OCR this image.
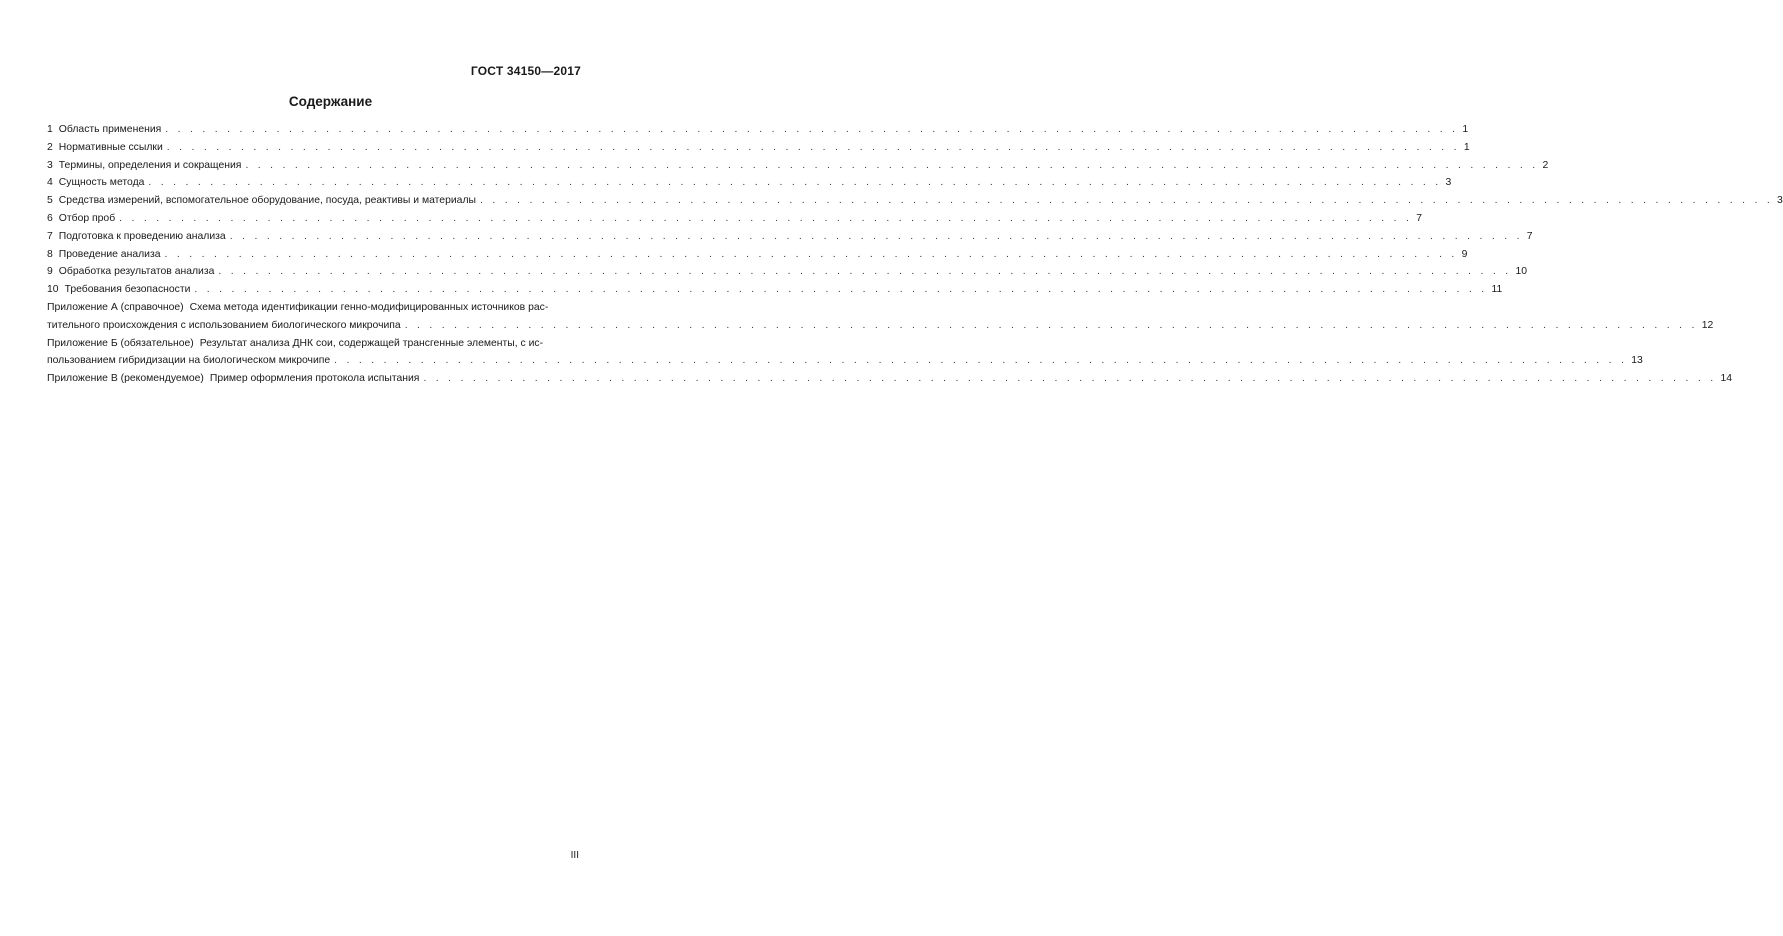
ГОСТ 34150—2017
Содержание
1 Область применения . . . . . . . . . . . . . . . . . . . . . . . . . . . . . . . . . . . . . . . . . . . . . . . . . . . . . . . . . . . . . . . . . . . . . . . . . . . . . . . . . . . . . . . . . . . . . . . . . . . . . . . . . 1
2 Нормативные ссылки . . . . . . . . . . . . . . . . . . . . . . . . . . . . . . . . . . . . . . . . . . . . . . . . . . . . . . . . . . . . . . . . . . . . . . . . . . . . . . . . . . . . . . . . . . . . . . . . . . . . . . . . . 1
3 Термины, определения и сокращения . . . . . . . . . . . . . . . . . . . . . . . . . . . . . . . . . . . . . . . . . . . . . . . . . . . . . . . . . . . . . . . . . . . . . . . . . . . . . . . . . . . . . . . . . . . . . . . . . . . . . . . . . 2
4 Сущность метода . . . . . . . . . . . . . . . . . . . . . . . . . . . . . . . . . . . . . . . . . . . . . . . . . . . . . . . . . . . . . . . . . . . . . . . . . . . . . . . . . . . . . . . . . . . . . . . . . . . . . . . . . 3
5 Средства измерений, вспомогательное оборудование, посуда, реактивы и материалы . . . . . . . . . . . . . . . . . . . . . . . . . . . . . . . . . . . . . . . . . . . . . . . . . . . . . . . . . . . . . . . . . . . . . . . . . . . . . . . . . . . . . . . . . . . . . . . . . . . . . . . . . 3
6 Отбор проб . . . . . . . . . . . . . . . . . . . . . . . . . . . . . . . . . . . . . . . . . . . . . . . . . . . . . . . . . . . . . . . . . . . . . . . . . . . . . . . . . . . . . . . . . . . . . . . . . . . . . . . . . 7
7 Подготовка к проведению анализа . . . . . . . . . . . . . . . . . . . . . . . . . . . . . . . . . . . . . . . . . . . . . . . . . . . . . . . . . . . . . . . . . . . . . . . . . . . . . . . . . . . . . . . . . . . . . . . . . . . . . . . . . 7
8 Проведение анализа . . . . . . . . . . . . . . . . . . . . . . . . . . . . . . . . . . . . . . . . . . . . . . . . . . . . . . . . . . . . . . . . . . . . . . . . . . . . . . . . . . . . . . . . . . . . . . . . . . . . . . . . . 9
9 Обработка результатов анализа . . . . . . . . . . . . . . . . . . . . . . . . . . . . . . . . . . . . . . . . . . . . . . . . . . . . . . . . . . . . . . . . . . . . . . . . . . . . . . . . . . . . . . . . . . . . . . . . . . . . . . . . . 10
10 Требования безопасности . . . . . . . . . . . . . . . . . . . . . . . . . . . . . . . . . . . . . . . . . . . . . . . . . . . . . . . . . . . . . . . . . . . . . . . . . . . . . . . . . . . . . . . . . . . . . . . . . . . . . . . . . 11
Приложение А (справочное) Схема метода идентификации генно-модифицированных источников рас-
тительного происхождения с использованием биологического микрочипа . . . . . . . . . . . . . . . . . . . . . . . . . . . . . . . . . . . . . . . . . . . . . . . . . . . . . . . . . . . . . . . . . . . . . . . . . . . . . . . . . . . . . . . . . . . . . . . . . . . . . . . . . 12
Приложение Б (обязательное) Результат анализа ДНК сои, содержащей трансгенные элементы, с ис-
пользованием гибридизации на биологическом микрочипе . . . . . . . . . . . . . . . . . . . . . . . . . . . . . . . . . . . . . . . . . . . . . . . . . . . . . . . . . . . . . . . . . . . . . . . . . . . . . . . . . . . . . . . . . . . . . . . . . . . . . . . . . 13
Приложение В (рекомендуемое) Пример оформления протокола испытания . . . . . . . . . . . . . . . . . . . . . . . . . . . . . . . . . . . . . . . . . . . . . . . . . . . . . . . . . . . . . . . . . . . . . . . . . . . . . . . . . . . . . . . . . . . . . . . . . . . . . . . . . 14
III
